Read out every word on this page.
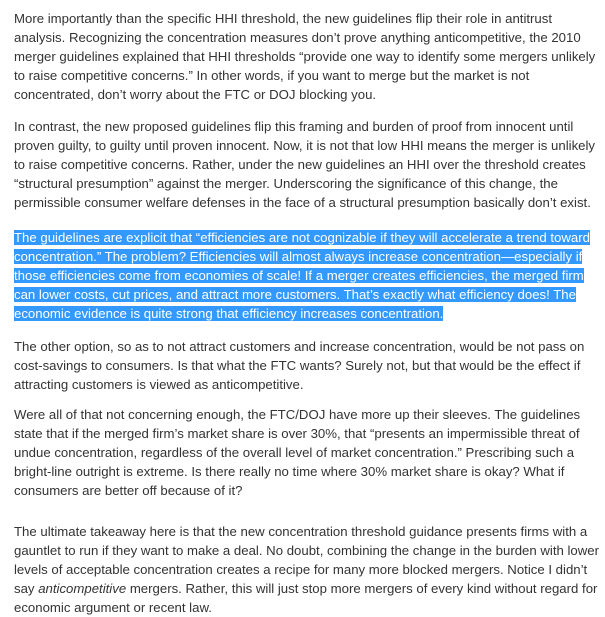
More importantly than the specific HHI threshold, the new guidelines flip their role in antitrust
analysis. Recognizing the concentration measures don’t prove anything anticompetitive, the 2010
merger guidelines explained that HHI thresholds “provide one way to identify some mergers unlikely
to raise competitive concerns.” In other words, if you want to merge but the market is not
concentrated, don’t worry about the FTC or DOJ blocking you.

In contrast, the new proposed guidelines flip this framing and burden of proof from innocent until
proven guilty, to guilty until proven innocent. Now, it is not that low HHI means the merger is unlikely
to raise competitive concerns. Rather, under the new guidelines an HHI over the threshold creates
“structural presumption” against the merger. Underscoring the significance of this change, the
permissible consumer welfare defenses in the face of a structural presumption basically don’t exist.

The guidelines are explicit that “efficiencies are not cognizable if they will accelerate a trend toward
concentration.” The problem? Efficiencies will almost always increase concentration—especially if
those efficiencies come from economies of scale! If a merger creates efficiencies, the merged firm
can lower costs, cut prices, and attract more customers. That’s exactly what efficiency does! The
economic evidence is quite strong that efficiency increases concentration.

The other option, so as to not attract customers and increase concentration, would be not pass on
cost-savings to consumers. Is that what the FTC wants? Surely not, but that would be the effect if
attracting customers is viewed as anticompetitive.

Were all of that not concerning enough, the FTC/DOJ have more up their sleeves. The guidelines
state that if the merged firm’s market share is over 30%, that “presents an impermissible threat of
undue concentration, regardless of the overall level of market concentration.” Prescribing such a
bright-line outright is extreme. Is there really no time where 30% market share is okay? What if
consumers are better off because of it?

The ultimate takeaway here is that the new concentration threshold guidance presents firms with a
gauntlet to run if they want to make a deal. No doubt, combining the change in the burden with lower
levels of acceptable concentration creates a recipe for many more blocked mergers. Notice I didn’t
say anticompetitive mergers. Rather, this will just stop more mergers of every kind without regard for
economic argument or recent law.
